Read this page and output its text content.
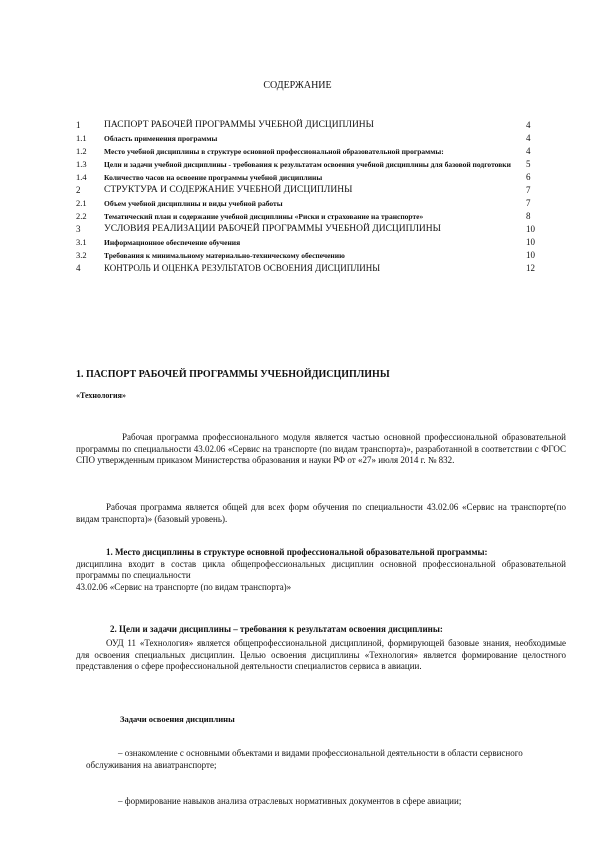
СОДЕРЖАНИЕ
1	ПАСПОРТ РАБОЧЕЙ ПРОГРАММЫ УЧЕБНОЙ ДИСЦИПЛИНЫ	4
1.1	Область применения программы	4
1.2	Место учебной дисциплины в структуре основной профессиональной образовательной программы:	4
1.3	Цели и задачи учебной дисциплины - требования к результатам освоения учебной дисциплины для базовой подготовки	5
1.4	Количество часов на освоение программы учебной дисциплины	6
2	СТРУКТУРА И СОДЕРЖАНИЕ УЧЕБНОЙ ДИСЦИПЛИНЫ	7
2.1	Объем учебной дисциплины и виды учебной работы	7
2.2	Тематический план и содержание учебной дисциплины «Риски и страхование на транспорте»	8
3	УСЛОВИЯ РЕАЛИЗАЦИИ РАБОЧЕЙ ПРОГРАММЫ УЧЕБНОЙ ДИСЦИПЛИНЫ	10
3.1	Информационное обеспечение обучения	10
3.2	Требования к минимальному материально-техническому обеспечению	10
4	КОНТРОЛЬ И ОЦЕНКА РЕЗУЛЬТАТОВ ОСВОЕНИЯ ДИСЦИПЛИНЫ	12
1. ПАСПОРТ РАБОЧЕЙ ПРОГРАММЫ УЧЕБНОЙДИСЦИПЛИНЫ
«Технология»
Рабочая программа профессионального модуля является частью основной профессиональной образовательной программы по специальности 43.02.06 «Сервис на транспорте (по видам транспорта)», разработанной в соответствии с ФГОС СПО утвержденным приказом Министерства образования и науки РФ от «27» июля 2014 г. № 832.
Рабочая программа является общей для всех форм обучения по специальности 43.02.06 «Сервис на транспорте(по видам транспорта)» (базовый уровень).
1. Место дисциплины в структуре основной профессиональной образовательной программы:
дисциплина входит в состав цикла общепрофессиональных дисциплин основной профессиональной образовательной программы по специальности
43.02.06 «Сервис на транспорте (по видам транспорта)»
2. Цели и задачи дисциплины – требования к результатам освоения дисциплины:
ОУД 11 «Технология» является общепрофессиональной дисциплиной, формирующей базовые знания, необходимые для освоения специальных дисциплин. Целью освоения дисциплины «Технология» является формирование целостного представления о сфере профессиональной деятельности специалистов сервиса в авиации.
Задачи освоения дисциплины
– ознакомление с основными объектами и видами профессиональной деятельности в области сервисного обслуживания на авиатранспорте;
– формирование навыков анализа отраслевых нормативных документов в сфере авиации;
